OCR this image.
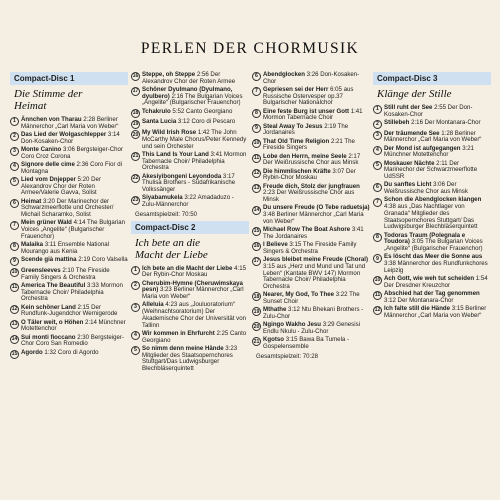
PERLEN DER CHORMUSIK
Compact-Disc 1
Die Stimme der
Heimat
1 Ännchen von Tharau 2:28 Berliner Männerchor „Carl Maria von Weber“
2 Das Lied der Wolgaschlepper 3:14 Don-Kosaken-Chor
3 Monte Canino 3:06 Bergsteiger-Chor Coro Croz Corona
4 Signore delle cime 2:36 Coro Fior di Montagna
5 Lied vom Dnjepper 5:20 Der Alexandrov Chor der Roten Armee/Valerie Gavva, Solist
6 Heimat 3:20 Der Marinechor der Schwarzmeerflotte und Orchester/ Michail Scharamko, Solist
7 Mein grüner Wald 4:14 The Bulgarian Voices „Angelite“ (Bulgarischer Frauenchor)
8 Malaika 3:11 Ensemble National Mourango aus Kenia
9 Scende già mattina 2:19 Coro Valsella
10 Greensleeves 2:10 The Fireside Family Singers & Orchestra
11 America The Beautiful 3:33 Mormon Tabernacle Choir/ Philadelphia Orchestra
12 Kein schöner Land 2:15 Der Rundfunk-Jugendchor Wernigerode
13 O Täler weit, o Höhen 2:14 Münchner Motettenchor
14 Sui monti fioccano 2:30 Bergsteiger-Chor Coro San Romedio
15 Agordo 1:32 Coro di Agordo
16 Steppe, oh Steppe 2:56 Der Alexandrov Chor der Roten Armee
17 Schöner Dyulmano (Dyulmano, dyulbero) 2:16 The Bulgarian Voices „Angelite“ (Bulgarischer Frauenchor)
18 Tchakrulo 5:52 Canto Georgiano
19 Santa Lucia 3:12 Coro di Pescaro
20 My Wild Irish Rose 1:42 The John McCarthy Male Chorus/Peter Kennedy und sein Orchester
21 This Land Is Your Land 3:41 Mormon Tabernacle Choir/ Philadelphia Orchestra
22 Akesiyibongeni Leyondoda 3:17 Thulisa Brothers - Südafrikanische Volkssänger
23 Siyabamukela 3:22 Amadaduzo - Zulu-Männerchor
Gesamtspielzeit: 70:50
Compact-Disc 2
Ich bete an die
Macht der Liebe
1 Ich bete an die Macht der Liebe 4:15 Der Rybin-Chor Moskau
2 Cherubim-Hymne (Cheruwimskaya pesn) 3:23 Berliner Männerchor „Carl Maria von Weber“
3 Alleluia 4:23 aus „Jouluoratorium“ (Weihnachtsoratorium) Der Akademische Chor der Universität von Tallinn
4 Wir kommen in Ehrfurcht 2:25 Canto Georgiano
5 So nimm denn meine Hände 3:23 Mitglieder des Staatsopernchores Stuttgart/Das Ludwigsburger Blechbläserquintett
6 Abendglocken 3:26 Don-Kosaken-Chor
7 Gepriesen sei der Herr 6:05 aus Russische Ostervesper op.37 Bulgarischer Nationalchor
8 Eine feste Burg ist unser Gott 1:41 Mormon Tabernacle Choir
9 Steal Away To Jesus 2:19 The Jordanaires
10 That Old Time Religion 2:21 The Fireside Singers
11 Lobe den Herrn, meine Seele 2:17 Der Weißrussische Chor aus Minsk
12 Die himmlischen Kräfte 3:07 Der Rybin-Chor Moskau
13 Freude dich, Stolz der jungfrauen 2:23 Der Weißrussische Chor aus Minsk
14 Du unsere Freude (O Tebe raduetsja) 3:48 Berliner Männerchor „Carl Maria von Weber“
15 Michael Row The Boat Ashore 3:41 The Jordanaires
16 I Believe 3:15 The Fireside Family Singers & Orchestra
17 Jesus bleibet meine Freude (Choral) 3:15 aus „Herz und Mund und Tat und Leben“ (Kantate BWV 147) Mormon Tabernacle Choir/ Philadelphia Orchestra
18 Nearer, My God, To Thee 3:22 The Sunset Choir
19 Mthathe 3:12 Ntu Bhekani Brothers - Zulu-Chor
20 Ngingo Wakho Jesu 3:29 Genesisi Endlu Nkulu - Zulu-Chor
21 Kgotso 3:15 Bawa Ba Tumela - Gospelensemble
Gesamtspielzeit: 70:28
Compact-Disc 3
Klänge der Stille
1 Still ruht der See 2:55 Der Don-Kosaken-Chor
2 Stillebeh 2:16 Der Montanara-Chor
3 Der träumende See 1:28 Berliner Männerchor „Carl Maria von Weber“
4 Der Mond ist aufgegangen 3:21 Münchner Motettenchor
5 Moskauer Nächte 2:11 Der Marinechor der Schwarzmeerflotte UdSSR
6 Du sanftes Licht 3:06 Der Weißrussische Chor aus Minsk
7 Schon die Abendglocken klangen 4:38 aus „Das Nachtlager von Granada“ Mitglieder des Staatsopernchores Stuttgart/ Das Ludwigsburger Blechbläserquintett
8 Todoras Traum (Polegnala e Toudora) 3:05 The Bulgarian Voices „Angelite“ (Bulgarischer Frauenchor)
9 Es löscht das Meer die Sonne aus 3:38 Männerchor des Rundfunkchores Leipzig
10 Ach Gott, wie weh tut scheiden 1:54 Der Dresdner Kreuzchor
11 Abschied hat der Tag genommen 3:12 Der Montanara-Chor
12 Ich falte still die Hände 3:15 Berliner Männerchor „Carl Maria von Weber“
